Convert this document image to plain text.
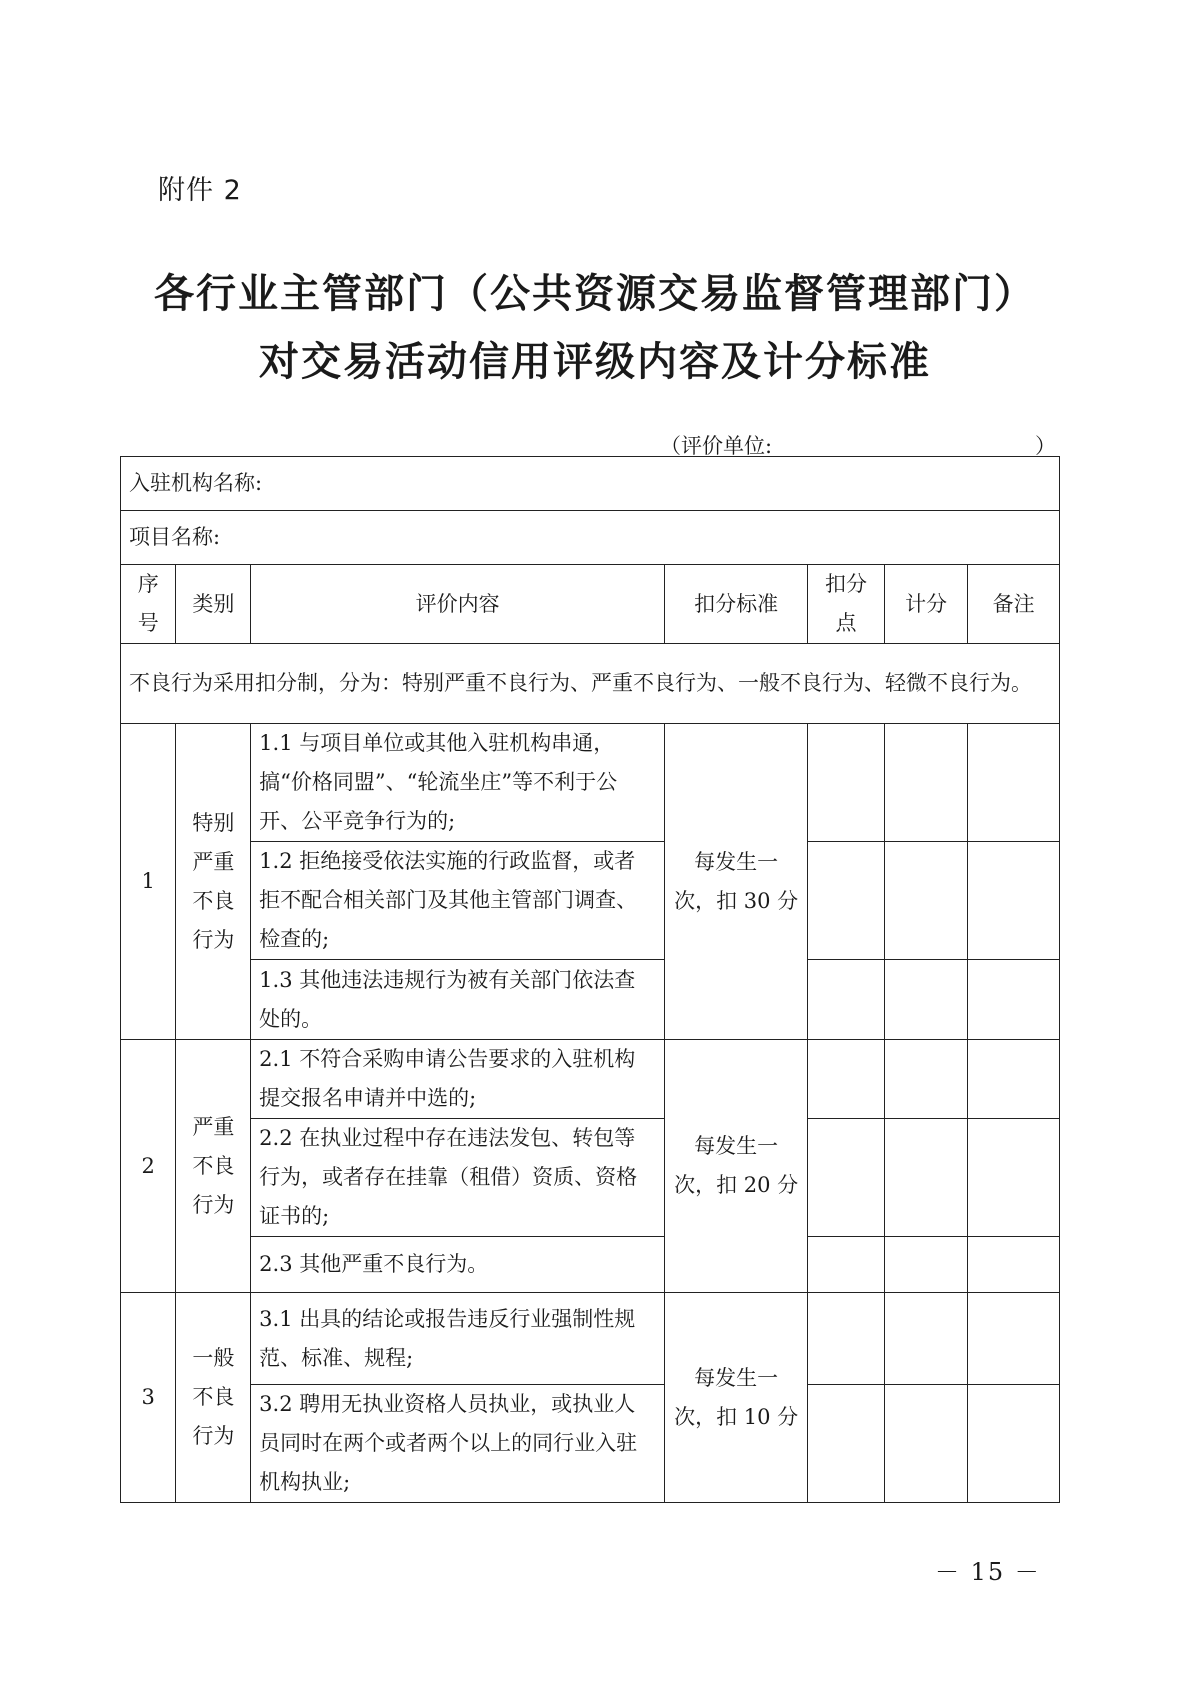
附件 2
各行业主管部门（公共资源交易监督管理部门）
对交易活动信用评级内容及计分标准
（评价单位:	）
入驻机构名称:						
项目名称:						
序号	类别	评价内容	扣分标准	扣分点	计分	备注
不良行为采用扣分制，分为：特别严重不良行为、严重不良行为、一般不良行为、轻微不良行为。						
1	特别严重不良行为	1.1 与项目单位或其他入驻机构串通，搞“价格同盟”、“轮流坐庄”等不利于公开、公平竞争行为的;	每发生一次，扣 30 分			
		1.2 拒绝接受依法实施的行政监督，或者拒不配合相关部门及其他主管部门调查、检查的;				
		1.3 其他违法违规行为被有关部门依法查处的。				
2	严重不良行为	2.1 不符合采购申请公告要求的入驻机构提交报名申请并中选的;	每发生一次，扣 20 分			
		2.2 在执业过程中存在违法发包、转包等行为，或者存在挂靠（租借）资质、资格证书的;				
		2.3 其他严重不良行为。				
3	一般不良行为	3.1 出具的结论或报告违反行业强制性规范、标准、规程;	每发生一次，扣 10 分			
		3.2 聘用无执业资格人员执业，或执业人员同时在两个或者两个以上的同行业入驻机构执业;				
－ 15 －
